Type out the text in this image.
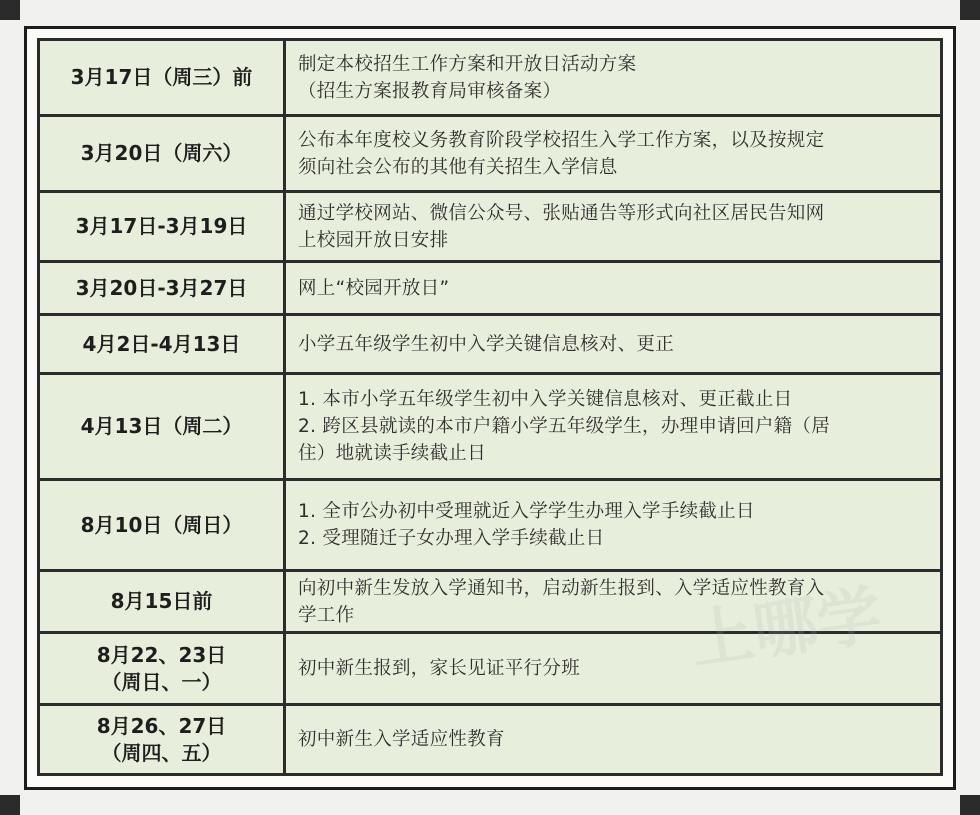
3月17日（周三）前	制定本校招生工作方案和开放日活动方案
（招生方案报教育局审核备案）

3月20日（周六）	公布本年度校义务教育阶段学校招生入学工作方案，以及按规定
须向社会公布的其他有关招生入学信息

3月17日-3月19日	通过学校网站、微信公众号、张贴通告等形式向社区居民告知网
上校园开放日安排

3月20日-3月27日	网上“校园开放日”

4月2日-4月13日	小学五年级学生初中入学关键信息核对、更正

4月13日（周二）	1. 本市小学五年级学生初中入学关键信息核对、更正截止日
2. 跨区县就读的本市户籍小学五年级学生，办理申请回户籍（居
住）地就读手续截止日

8月10日（周日）	1. 全市公办初中受理就近入学学生办理入学手续截止日
2. 受理随迁子女办理入学手续截止日

8月15日前	向初中新生发放入学通知书，启动新生报到、入学适应性教育入
学工作

8月22、23日
（周日、一）	初中新生报到，家长见证平行分班

8月26、27日
（周四、五）	初中新生入学适应性教育
